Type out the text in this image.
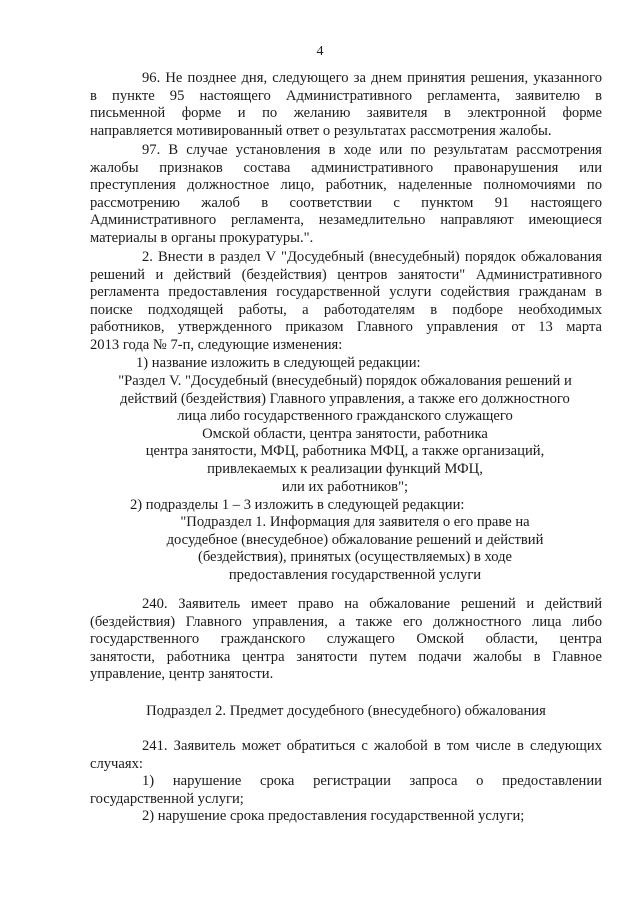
4
96. Не позднее дня, следующего за днем принятия решения, указанного
в пункте 95 настоящего Административного регламента, заявителю в
письменной форме и по желанию заявителя в электронной форме
направляется мотивированный ответ о результатах рассмотрения жалобы.
97. В случае установления в ходе или по результатам рассмотрения
жалобы признаков состава административного правонарушения или
преступления должностное лицо, работник, наделенные полномочиями по
рассмотрению жалоб в соответствии с пунктом 91 настоящего
Административного регламента, незамедлительно направляют имеющиеся
материалы в органы прокуратуры.".
2. Внести в раздел V "Досудебный (внесудебный) порядок обжалования
решений и действий (бездействия) центров занятости" Административного
регламента предоставления государственной услуги содействия гражданам в
поиске подходящей работы, а работодателям в подборе необходимых
работников, утвержденного приказом Главного управления от 13 марта
2013 года № 7-п, следующие изменения:
1) название изложить в следующей редакции:
"Раздел V. "Досудебный (внесудебный) порядок обжалования решений и
действий (бездействия) Главного управления, а также его должностного
лица либо государственного гражданского служащего
Омской области, центра занятости, работника
центра занятости, МФЦ, работника МФЦ, а также организаций,
привлекаемых к реализации функций МФЦ,
или их работников";
2) подразделы 1 – 3 изложить в следующей редакции:
"Подраздел 1. Информация для заявителя о его праве на
досудебное (внесудебное) обжалование решений и действий
(бездействия), принятых (осуществляемых) в ходе
предоставления государственной услуги
240. Заявитель имеет право на обжалование решений и действий
(бездействия) Главного управления, а также его должностного лица либо
государственного гражданского служащего Омской области, центра
занятости, работника центра занятости путем подачи жалобы в Главное
управление, центр занятости.
Подраздел 2. Предмет досудебного (внесудебного) обжалования
241. Заявитель может обратиться с жалобой в том числе в следующих
случаях:
1) нарушение срока регистрации запроса о предоставлении
государственной услуги;
2) нарушение срока предоставления государственной услуги;
